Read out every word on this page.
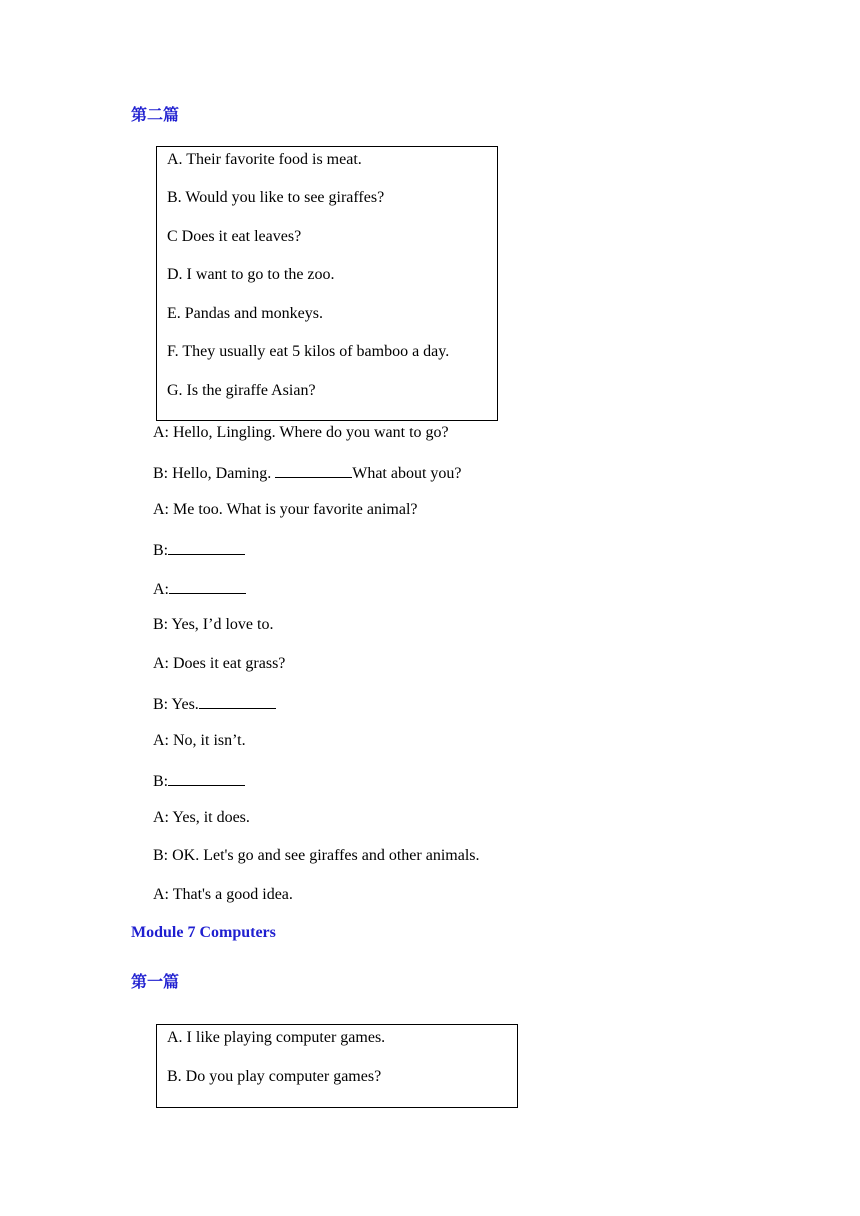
第二篇
A. Their favorite food is meat.
B. Would you like to see giraffes?
C Does it eat leaves?
D. I want to go to the zoo.
E. Pandas and monkeys.
F. They usually eat 5 kilos of bamboo a day.
G. Is the giraffe Asian?
A: Hello, Lingling. Where do you want to go?
B: Hello, Daming.	What about you?
A: Me too. What is your favorite animal?
B:
A:
B: Yes, I’d love to.
A: Does it eat grass?
B: Yes.
A: No, it isn’t.
B:
A: Yes, it does.
B: OK. Let's go and see giraffes and other animals.
A: That's a good idea.
Module 7 Computers
第一篇
A. I like playing computer games.
B. Do you play computer games?
